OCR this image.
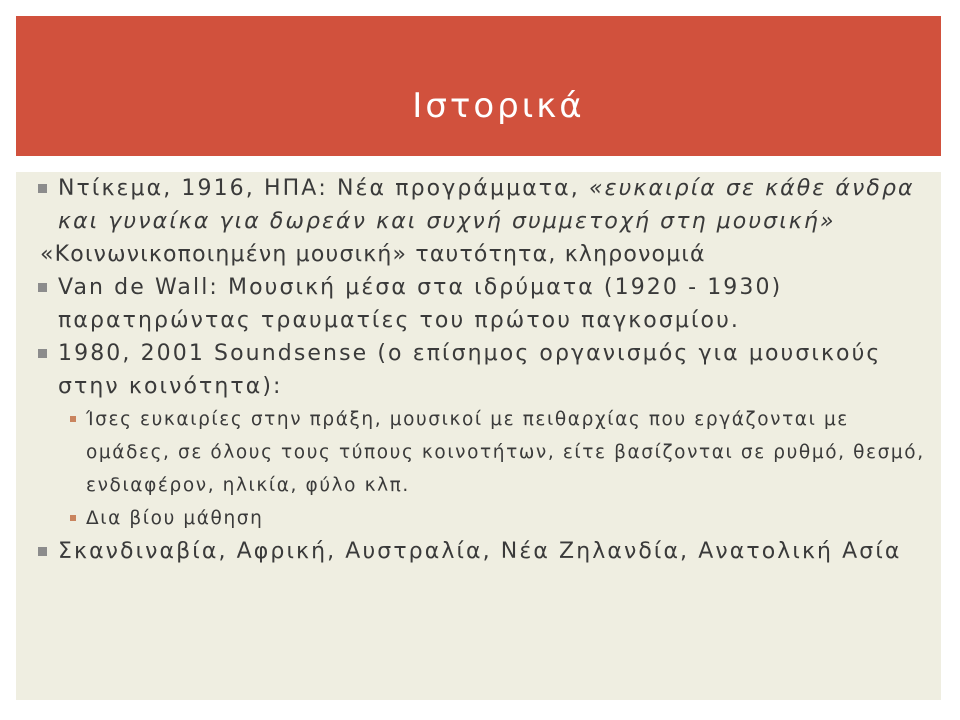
Ιστορικά
Ντίκεμα, 1916, ΗΠΑ: Νέα προγράμματα, «ευκαιρία σε κάθε άνδρα και γυναίκα για δωρεάν και συχνή συμμετοχή στη μουσική»
«Κοινωνικοποιημένη μουσική» ταυτότητα, κληρονομιά
Van de Wall: Μουσική μέσα στα ιδρύματα (1920 - 1930) παρατηρώντας τραυματίες του πρώτου παγκοσμίου.
1980, 2001 Soundsense (ο επίσημος οργανισμός για μουσικούς στην κοινότητα):
Ίσες ευκαιρίες στην πράξη, μουσικοί με πειθαρχίας που εργάζονται με ομάδες, σε όλους τους τύπους κοινοτήτων, είτε βασίζονται σε ρυθμό, θεσμό, ενδιαφέρον, ηλικία, φύλο κλπ.
Δια βίου μάθηση
Σκανδιναβία, Αφρική, Αυστραλία, Νέα Ζηλανδία, Ανατολική Ασία
